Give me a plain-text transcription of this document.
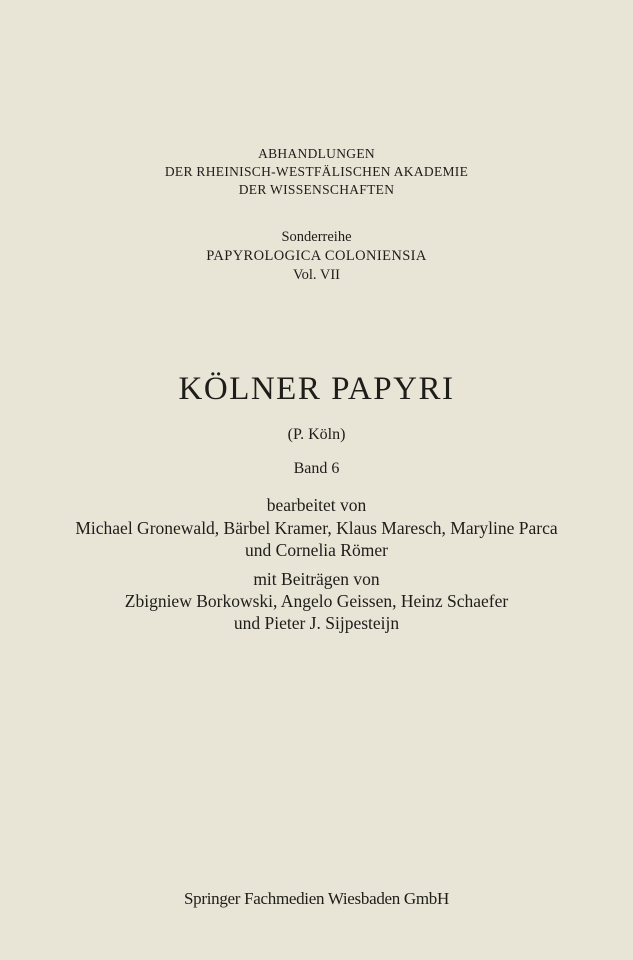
ABHANDLUNGEN
DER RHEINISCH-WESTFÄLISCHEN AKADEMIE
DER WISSENSCHAFTEN
Sonderreihe
PAPYROLOGICA COLONIENSIA
Vol. VII
KÖLNER PAPYRI
(P. Köln)
Band 6
bearbeitet von
Michael Gronewald, Bärbel Kramer, Klaus Maresch, Maryline Parca
und Cornelia Römer
mit Beiträgen von
Zbigniew Borkowski, Angelo Geissen, Heinz Schaefer
und Pieter J. Sijpesteijn
Springer Fachmedien Wiesbaden GmbH
